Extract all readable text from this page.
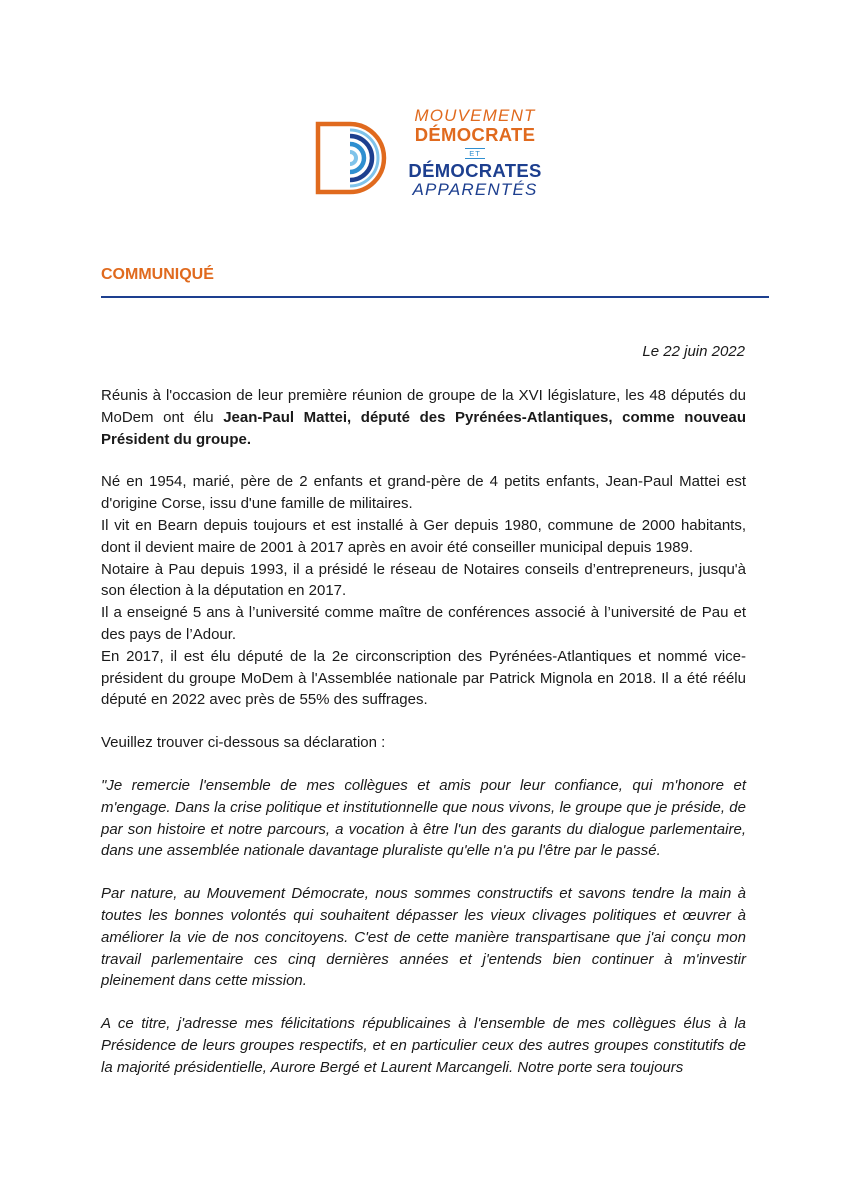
MOUVEMENT
DÉMOCRATE
ET
DÉMOCRATES
APPARENTÉS
COMMUNIQUÉ
Le 22 juin 2022

Réunis à l'occasion de leur première réunion de groupe de la XVI législature, les 48 députés du MoDem ont élu Jean-Paul Mattei, député des Pyrénées-Atlantiques, comme nouveau Président du groupe.

Né en 1954, marié, père de 2 enfants et grand-père de 4 petits enfants, Jean-Paul Mattei est d'origine Corse, issu d'une famille de militaires.

Il vit en Bearn depuis toujours et est installé à Ger depuis 1980, commune de 2000 habitants, dont il devient maire de 2001 à 2017 après en avoir été conseiller municipal depuis 1989.

Notaire à Pau depuis 1993, il a présidé le réseau de Notaires conseils d’entrepreneurs, jusqu'à son élection à la députation en 2017.

Il a enseigné 5 ans à l’université comme maître de conférences associé à l’université de Pau et des pays de l’Adour.

En 2017, il est élu député de la 2e circonscription des Pyrénées-Atlantiques et nommé vice-président du groupe MoDem à l'Assemblée nationale par Patrick Mignola en 2018. Il a été réélu député en 2022 avec près de 55% des suffrages.

Veuillez trouver ci-dessous sa déclaration :

"Je remercie l'ensemble de mes collègues et amis pour leur confiance, qui m'honore et m'engage. Dans la crise politique et institutionnelle que nous vivons, le groupe que je préside, de par son histoire et notre parcours, a vocation à être l'un des garants du dialogue parlementaire, dans une assemblée nationale davantage pluraliste qu'elle n'a pu l'être par le passé.

Par nature, au Mouvement Démocrate, nous sommes constructifs et savons tendre la main à toutes les bonnes volontés qui souhaitent dépasser les vieux clivages politiques et œuvrer à améliorer la vie de nos concitoyens. C'est de cette manière transpartisane que j'ai conçu mon travail parlementaire ces cinq dernières années et j'entends bien continuer à m'investir pleinement dans cette mission.

A ce titre, j'adresse mes félicitations républicaines à l'ensemble de mes collègues élus à la Présidence de leurs groupes respectifs, et en particulier ceux des autres groupes constitutifs de la majorité présidentielle, Aurore Bergé et Laurent Marcangeli. Notre porte sera toujours
